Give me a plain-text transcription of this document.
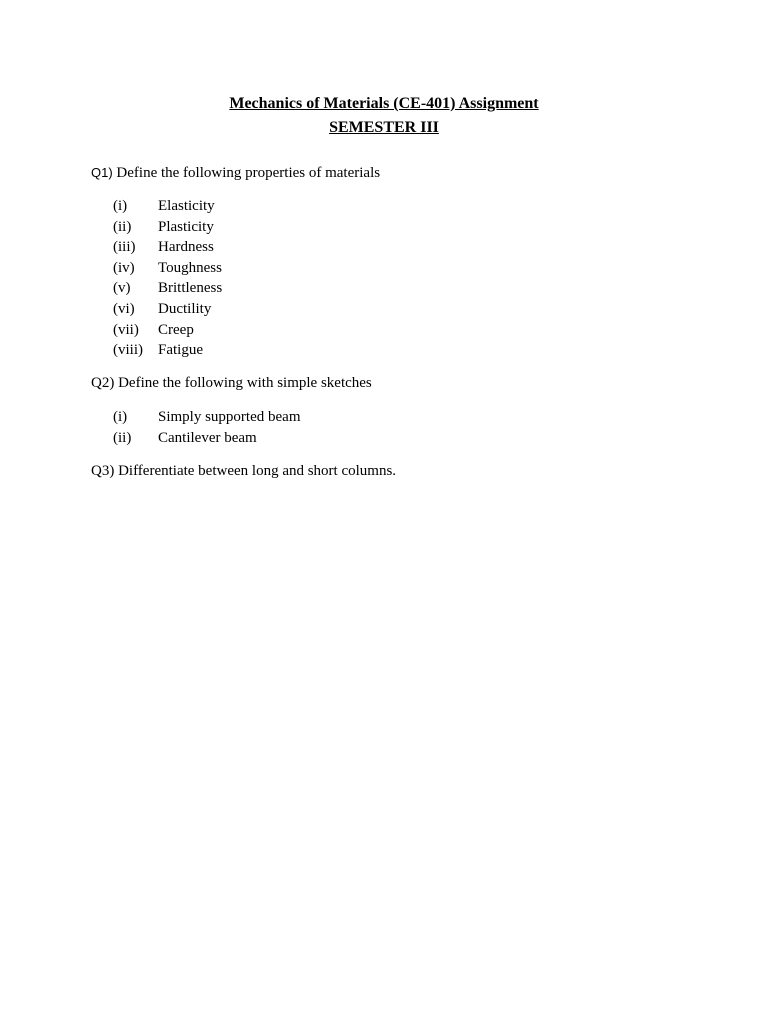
Mechanics of Materials (CE-401) Assignment
SEMESTER III
Q1) Define the following properties of materials
(i) Elasticity
(ii) Plasticity
(iii) Hardness
(iv) Toughness
(v) Brittleness
(vi) Ductility
(vii) Creep
(viii) Fatigue
Q2) Define the following with simple sketches
(i) Simply supported beam
(ii) Cantilever beam
Q3) Differentiate between long and short columns.
